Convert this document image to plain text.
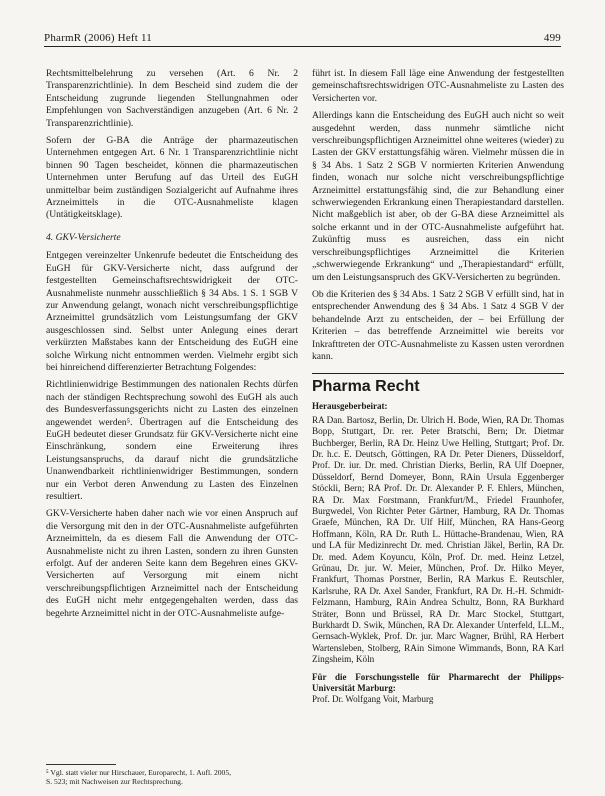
PharmR (2006) Heft 11	499

Rechtsmittelbelehrung zu versehen (Art. 6 Nr. 2 Transparenzrichtlinie). In dem Bescheid sind zudem die der Entscheidung zugrunde liegenden Stellungnahmen oder Empfehlungen von Sachverständigen anzugeben (Art. 6 Nr. 2 Transparenzrichtlinie).

Sofern der G-BA die Anträge der pharmazeutischen Unternehmen entgegen Art. 6 Nr. 1 Transparenzrichtlinie nicht binnen 90 Tagen bescheidet, können die pharmazeutischen Unternehmen unter Berufung auf das Urteil des EuGH unmittelbar beim zuständigen Sozialgericht auf Aufnahme ihres Arzneimittels in die OTC-Ausnahmeliste klagen (Untätigkeitsklage).

4. GKV-Versicherte

Entgegen vereinzelter Unkenrufe bedeutet die Entscheidung des EuGH für GKV-Versicherte nicht, dass aufgrund der festgestellten Gemeinschaftsrechtswidrigkeit der OTC-Ausnahmeliste nunmehr ausschließlich § 34 Abs. 1 S. 1 SGB V zur Anwendung gelangt, wonach nicht verschreibungspflichtige Arzneimittel grundsätzlich vom Leistungsumfang der GKV ausgeschlossen sind. Selbst unter Anlegung eines derart verkürzten Maßstabes kann der Entscheidung des EuGH eine solche Wirkung nicht entnommen werden. Vielmehr ergibt sich bei hinreichend differenzierter Betrachtung Folgendes:

Richtlinienwidrige Bestimmungen des nationalen Rechts dürfen nach der ständigen Rechtsprechung sowohl des EuGH als auch des Bundesverfassungsgerichts nicht zu Lasten des einzelnen angewendet werden⁵. Übertragen auf die Entscheidung des EuGH bedeutet dieser Grundsatz für GKV-Versicherte nicht eine Einschränkung, sondern eine Erweiterung ihres Leistungsanspruchs, da darauf nicht die grundsätzliche Unanwendbarkeit richtlinienwidriger Bestimmungen, sondern nur ein Verbot deren Anwendung zu Lasten des Einzelnen resultiert.

GKV-Versicherte haben daher nach wie vor einen Anspruch auf die Versorgung mit den in der OTC-Ausnahmeliste aufgeführten Arzneimitteln, da es diesem Fall die Anwendung der OTC-Ausnahmeliste nicht zu ihren Lasten, sondern zu ihren Gunsten erfolgt. Auf der anderen Seite kann dem Begehren eines GKV-Versicherten auf Versorgung mit einem nicht verschreibungspflichtigen Arzneimittel nach der Entscheidung des EuGH nicht mehr entgegengehalten werden, dass das begehrte Arzneimittel nicht in der OTC-Ausnahmeliste aufge-

führt ist. In diesem Fall läge eine Anwendung der festgestellten gemeinschaftsrechtswidrigen OTC-Ausnahmeliste zu Lasten des Versicherten vor.

Allerdings kann die Entscheidung des EuGH auch nicht so weit ausgedehnt werden, dass nunmehr sämtliche nicht verschreibungspflichtigen Arzneimittel ohne weiteres (wieder) zu Lasten der GKV erstattungsfähig wären. Vielmehr müssen die in § 34 Abs. 1 Satz 2 SGB V normierten Kriterien Anwendung finden, wonach nur solche nicht verschreibungspflichtige Arzneimittel erstattungsfähig sind, die zur Behandlung einer schwerwiegenden Erkrankung einen Therapiestandard darstellen. Nicht maßgeblich ist aber, ob der G-BA diese Arzneimittel als solche erkannt und in der OTC-Ausnahmeliste aufgeführt hat. Zukünftig muss es ausreichen, dass ein nicht verschreibungspflichtiges Arzneimittel die Kriterien „schwerwiegende Erkrankung“ und „Therapiestandard“ erfüllt, um den Leistungsanspruch des GKV-Versicherten zu begründen.

Ob die Kriterien des § 34 Abs. 1 Satz 2 SGB V erfüllt sind, hat in entsprechender Anwendung des § 34 Abs. 1 Satz 4 SGB V der behandelnde Arzt zu entscheiden, der – bei Erfüllung der Kriterien – das betreffende Arzneimittel wie bereits vor Inkrafttreten der OTC-Ausnahmeliste zu Kassen usten verordnen kann.

Pharma Recht
Herausgeberbeirat:
RA Dan. Bartosz, Berlin, Dr. Ulrich H. Bode, Wien, RA Dr. Thomas Bopp, Stuttgart, Dr. rer. Peter Bratschi, Bern; Dr. Dietmar Buchberger, Berlin, RA Dr. Heinz Uwe Helling, Stuttgart; Prof. Dr. Dr. h.c. E. Deutsch, Göttingen, RA Dr. Peter Dieners, Düsseldorf, Prof. Dr. iur. Dr. med. Christian Dierks, Berlin, RA Ulf Doepner, Düsseldorf, Bernd Domeyer, Bonn, RAin Ursula Eggenberger Stöckli, Bern; RA Prof. Dr. Dr. Alexander P. F. Ehlers, München, RA Dr. Max Forstmann, Frankfurt/M., Friedel Fraunhofer, Burgwedel, Von Richter Peter Gärtner, Hamburg, RA Dr. Thomas Graefe, München, RA Dr. Ulf Hilf, München, RA Hans-Georg Hoffmann, Köln, RA Dr. Ruth L. Hüttache-Brandenau, Wien, RA und LA für Medizinrecht Dr. med. Christian Jäkel, Berlin, RA Dr. Dr. med. Adem Koyuncu, Köln, Prof. Dr. med. Heinz Letzel, Grünau, Dr. jur. W. Meier, München, Prof. Dr. Hilko Meyer, Frankfurt, Thomas Porstner, Berlin, RA Markus E. Reutschler, Karlsruhe, RA Dr. Axel Sander, Frankfurt, RA Dr. H.-H. Schmidt-Felzmann, Hamburg, RAin Andrea Schultz, Bonn, RA Burkhard Sträter, Bonn und Brüssel, RA Dr. Marc Stockel, Stuttgart, Burkhardt D. Swik, München, RA Dr. Alexander Unterfeld, LL.M., Gernsach-Wyklek, Prof. Dr. jur. Marc Wagner, Brühl, RA Herbert Wartensleben, Stolberg, RAin Simone Wimmands, Bonn, RA Karl Zingsheim, Köln
Für die Forschungsstelle für Pharmarecht der Philipps-Universität Marburg:
Prof. Dr. Wolfgang Voit, Marburg
⁵ Vgl. statt vieler nur Hirschauer, Europarecht, 1. Aufl. 2005,
S. 523; mit Nachweisen zur Rechtsprechung.
